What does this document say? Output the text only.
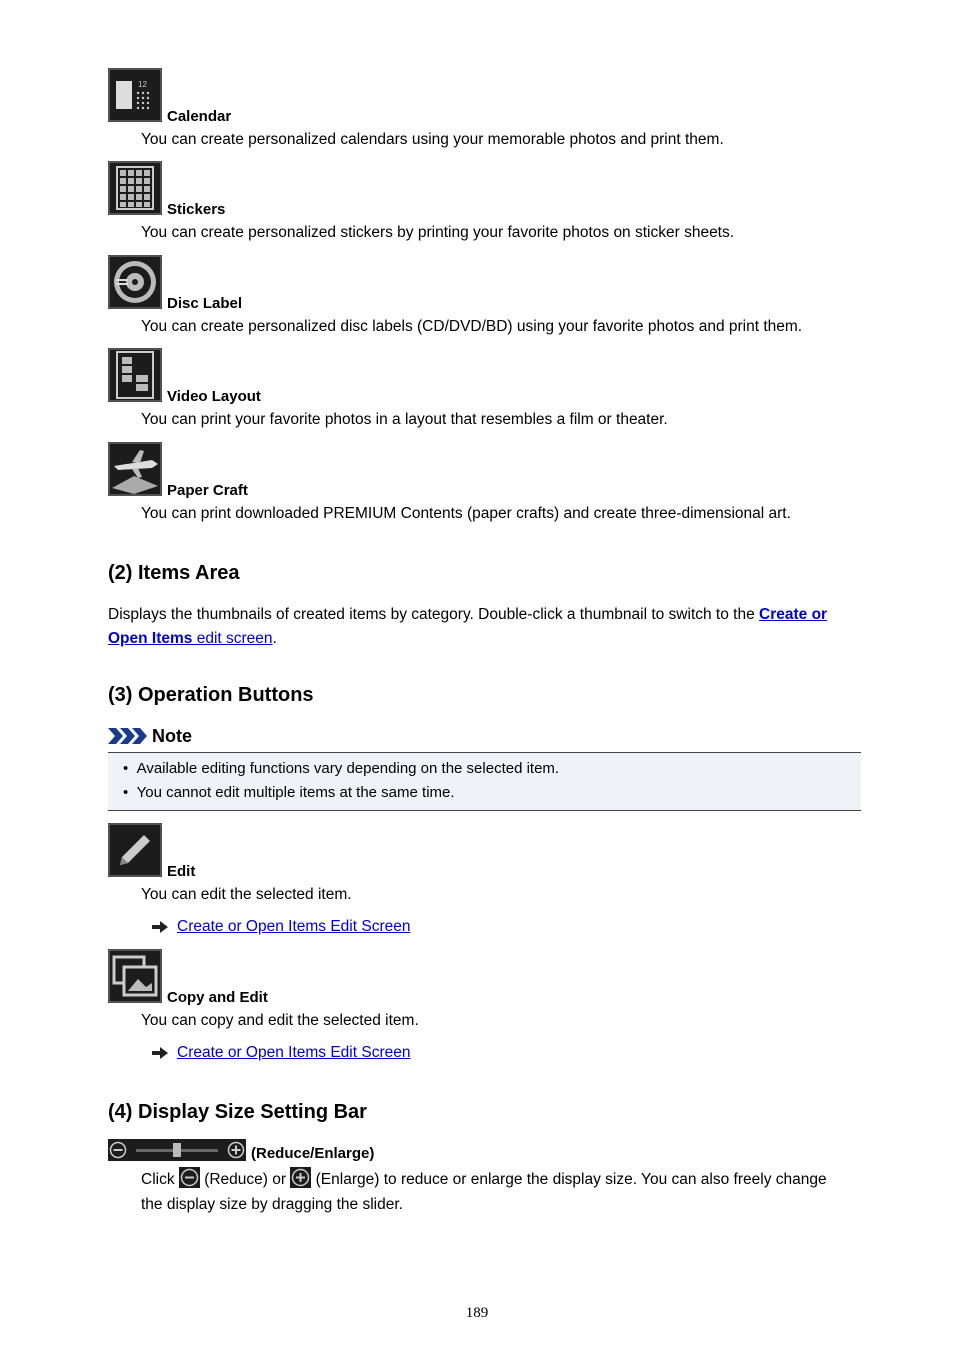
12
Calendar
You can create personalized calendars using your memorable photos and print them.
Stickers
You can create personalized stickers by printing your favorite photos on sticker sheets.
Disc Label
You can create personalized disc labels (CD/DVD/BD) using your favorite photos and print them.
Video Layout
You can print your favorite photos in a layout that resembles a film or theater.
Paper Craft
You can print downloaded PREMIUM Contents (paper crafts) and create three-dimensional art.
(2) Items Area
Displays the thumbnails of created items by category. Double-click a thumbnail to switch to the Create or
Open Items edit screen.
(3) Operation Buttons
Note
•  Available editing functions vary depending on the selected item.
•  You cannot edit multiple items at the same time.
Edit
You can edit the selected item.
Create or Open Items Edit Screen
Copy and Edit
You can copy and edit the selected item.
Create or Open Items Edit Screen
(4) Display Size Setting Bar
(Reduce/Enlarge)
Click  (Reduce) or  (Enlarge) to reduce or enlarge the display size. You can also freely change
the display size by dragging the slider.
189
